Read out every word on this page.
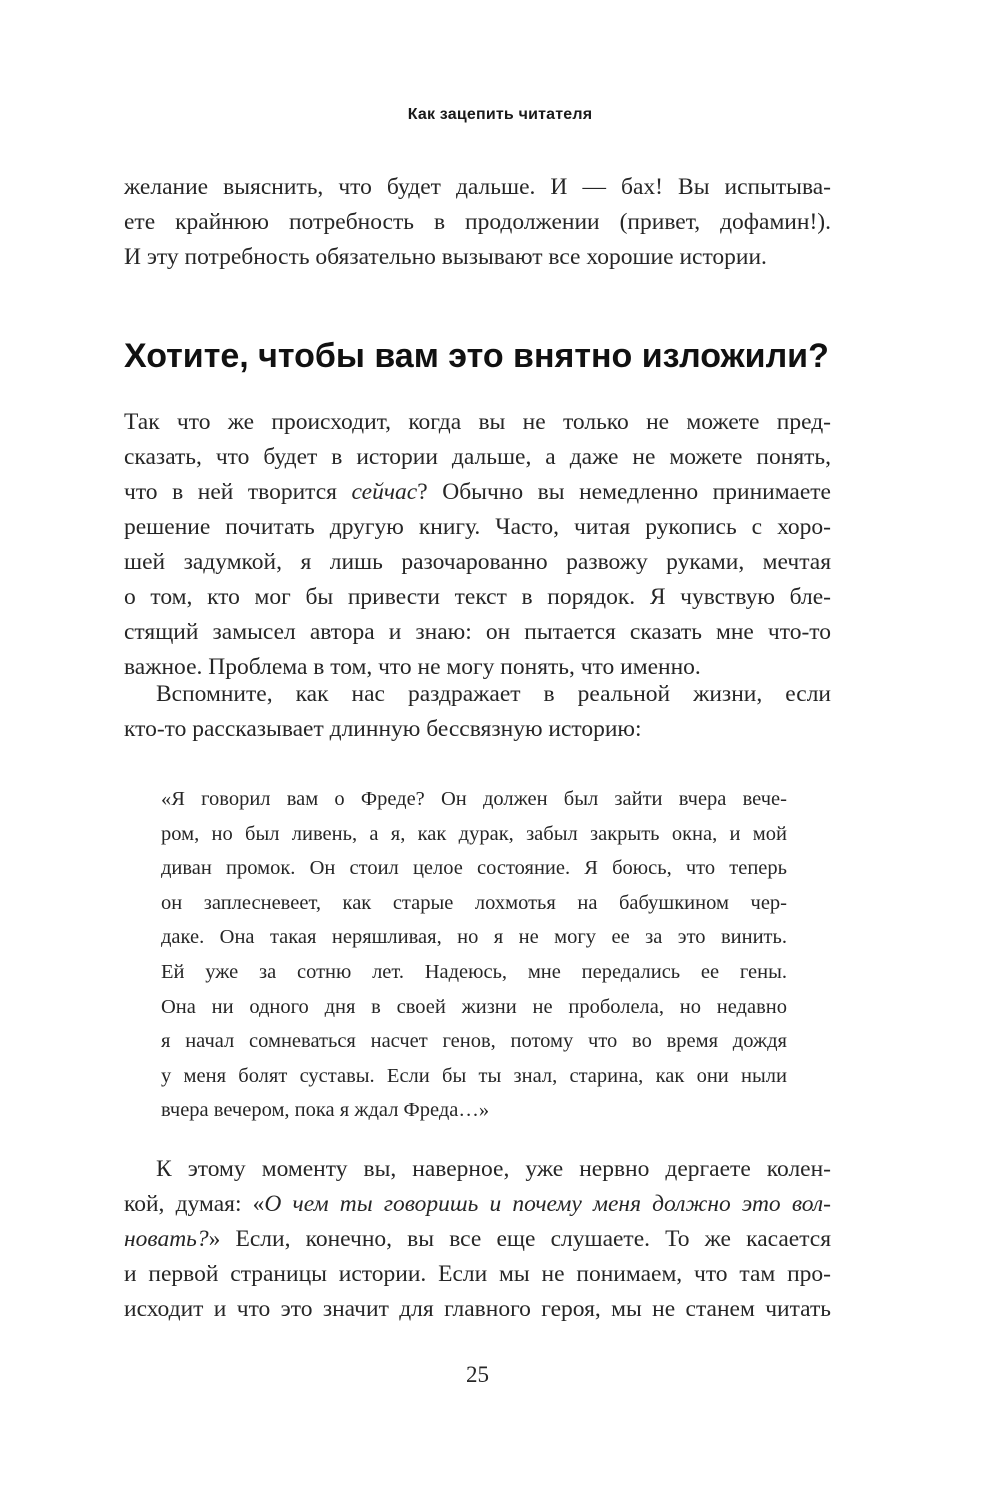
Как зацепить читателя

желание выяснить, что будет дальше. И — бах! Вы испытыва-
ете крайнюю потребность в продолжении (привет, дофамин!).
И эту потребность обязательно вызывают все хорошие истории.

Хотите, чтобы вам это внятно изложили?

Так что же происходит, когда вы не только не можете пред-
сказать, что будет в истории дальше, а даже не можете понять,
что в ней творится сейчас? Обычно вы немедленно принимаете
решение почитать другую книгу. Часто, читая рукопись с хоро-
шей задумкой, я лишь разочарованно развожу руками, мечтая
о том, кто мог бы привести текст в порядок. Я чувствую бле-
стящий замысел автора и знаю: он пытается сказать мне что-то
важное. Проблема в том, что не могу понять, что именно.

Вспомните, как нас раздражает в реальной жизни, если
кто-то рассказывает длинную бессвязную историю:

«Я говорил вам о Фреде? Он должен был зайти вчера вече-
ром, но был ливень, а я, как дурак, забыл закрыть окна, и мой
диван промок. Он стоил целое состояние. Я боюсь, что теперь
он заплесневеет, как старые лохмотья на бабушкином чер-
даке. Она такая неряшливая, но я не могу ее за это винить.
Ей уже за сотню лет. Надеюсь, мне передались ее гены.
Она ни одного дня в своей жизни не проболела, но недавно
я начал сомневаться насчет генов, потому что во время дождя
у меня болят суставы. Если бы ты знал, старина, как они ныли
вчера вечером, пока я ждал Фреда…»

К этому моменту вы, наверное, уже нервно дергаете колен-
кой, думая: «О чем ты говоришь и почему меня должно это вол-
новать?» Если, конечно, вы все еще слушаете. То же касается
и первой страницы истории. Если мы не понимаем, что там про-
исходит и что это значит для главного героя, мы не станем читать

25
